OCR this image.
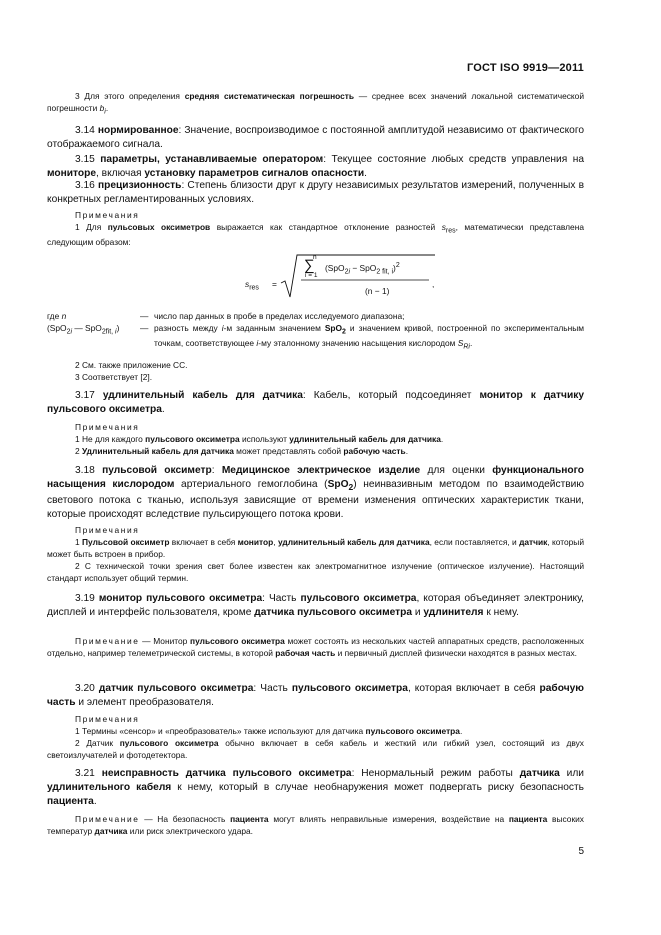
ГОСТ ISO 9919—2011

3 Для этого определения средняя систематическая погрешность — среднее всех значений локальной систематической погрешности $b_i$.

3.14 нормированное: Значение, воспроизводимое с постоянной амплитудой независимо от фактического отображаемого сигнала.

3.15 параметры, устанавливаемые оператором: Текущее состояние любых средств управления на мониторе, включая установку параметров сигналов опасности.

3.16 прецизионность: Степень близости друг к другу независимых результатов измерений, полученных в конкретных регламентированных условиях.

Примечания

1 Для пульсовых оксиметров выражается как стандартное отклонение разностей $s_{res}$, математически представлена следующим образом:

$s_{res}$ =
n
∑
i = 1
$(SpO_{2i} - SpO_{2 fit, i})^2$
(n − 1)
,
где n	—	число пар данных в пробе в пределах исследуемого диапазона;
(SpO$_{2i}$ — SpO$_{2fit, i}$)	—	разность между i-м заданным значением SpO$_2$ и значением кривой, построенной по экспериментальным точкам, соответствующее i-му эталонному значению насыщения кислородом $S_{Ri}$.

2 См. также приложение СС.

3 Соответствует [2].

3.17 удлинительный кабель для датчика: Кабель, который подсоединяет монитор к датчику пульсового оксиметра.

Примечания

1 Не для каждого пульсового оксиметра используют удлинительный кабель для датчика.

2 Удлинительный кабель для датчика может представлять собой рабочую часть.

3.18 пульсовой оксиметр: Медицинское электрическое изделие для оценки функционального насыщения кислородом артериального гемоглобина (SpO$_2$) неинвазивным методом по взаимодействию светового потока с тканью, используя зависящие от времени изменения оптических характеристик ткани, которые происходят вследствие пульсирующего потока крови.

Примечания

1 Пульсовой оксиметр включает в себя монитор, удлинительный кабель для датчика, если поставляется, и датчик, который может быть встроен в прибор.

2 С технической точки зрения свет более известен как электромагнитное излучение (оптическое излучение). Настоящий стандарт использует общий термин.

3.19 монитор пульсового оксиметра: Часть пульсового оксиметра, которая объединяет электронику, дисплей и интерфейс пользователя, кроме датчика пульсового оксиметра и удлинителя к нему.

Примечание — Монитор пульсового оксиметра может состоять из нескольких частей аппаратных средств, расположенных отдельно, например телеметрической системы, в которой рабочая часть и первичный дисплей физически находятся в разных местах.

3.20 датчик пульсового оксиметра: Часть пульсового оксиметра, которая включает в себя рабочую часть и элемент преобразователя.

Примечания

1 Термины «сенсор» и «преобразователь» также используют для датчика пульсового оксиметра.

2 Датчик пульсового оксиметра обычно включает в себя кабель и жесткий или гибкий узел, состоящий из двух светоизлучателей и фотодетектора.

3.21 неисправность датчика пульсового оксиметра: Ненормальный режим работы датчика или удлинительного кабеля к нему, который в случае необнаружения может подвергать риску безопасность пациента.

Примечание — На безопасность пациента могут влиять неправильные измерения, воздействие на пациента высоких температур датчика или риск электрического удара.

5
